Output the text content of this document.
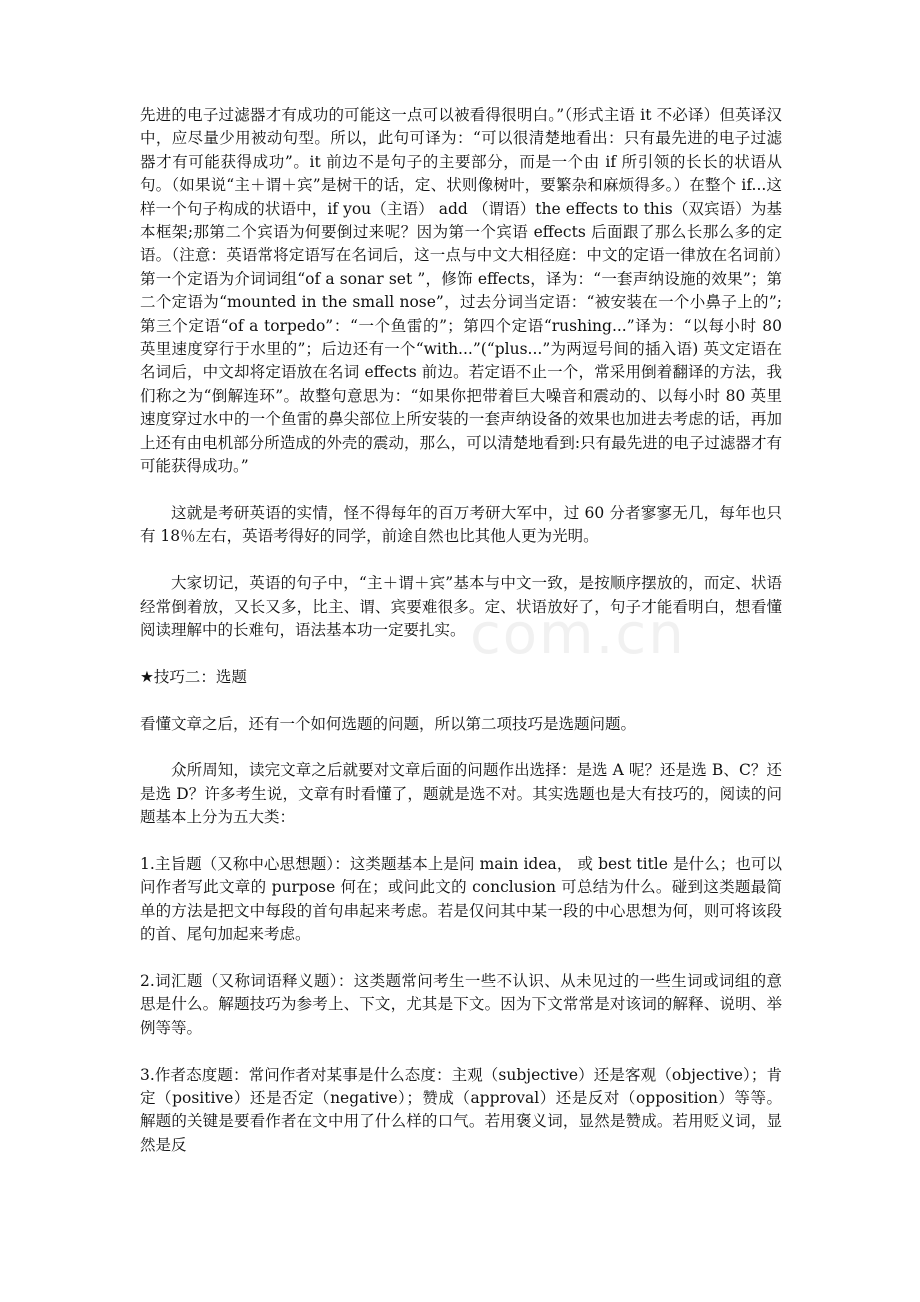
com.cn

先进的电子过滤器才有成功的可能这一点可以被看得很明白。”（形式主语 it 不必译）但英译汉中，应尽量少用被动句型。所以，此句可译为：“可以很清楚地看出：只有最先进的电子过滤器才有可能获得成功”。it 前边不是句子的主要部分，而是一个由 if 所引领的长长的状语从句。（如果说“主＋谓＋宾”是树干的话，定、状则像树叶，要繁杂和麻烦得多。）在整个 if...这样一个句子构成的状语中，if you（主语） add （谓语）the effects to this（双宾语）为基本框架;那第二个宾语为何要倒过来呢？因为第一个宾语 effects 后面跟了那么长那么多的定语。（注意：英语常将定语写在名词后，这一点与中文大相径庭：中文的定语一律放在名词前）第一个定语为介词词组“of a sonar set ”，修饰 effects，译为：“一套声纳设施的效果”；第二个定语为“mounted in the small nose”，过去分词当定语：“被安装在一个小鼻子上的”;第三个定语“of a torpedo”：“一个鱼雷的”；第四个定语“rushing...”译为：“以每小时 80 英里速度穿行于水里的”；后边还有一个“with...”(“plus...”为两逗号间的插入语) 英文定语在名词后，中文却将定语放在名词 effects 前边。若定语不止一个，常采用倒着翻译的方法，我们称之为“倒解连环”。故整句意思为：“如果你把带着巨大噪音和震动的、以每小时 80 英里速度穿过水中的一个鱼雷的鼻尖部位上所安装的一套声纳设备的效果也加进去考虑的话，再加上还有由电机部分所造成的外壳的震动，那么，可以清楚地看到:只有最先进的电子过滤器才有可能获得成功。”

这就是考研英语的实情，怪不得每年的百万考研大军中，过 60 分者寥寥无几，每年也只有 18％左右，英语考得好的同学，前途自然也比其他人更为光明。

大家切记，英语的句子中，“主＋谓＋宾”基本与中文一致，是按顺序摆放的，而定、状语经常倒着放，又长又多，比主、谓、宾要难很多。定、状语放好了，句子才能看明白，想看懂阅读理解中的长难句，语法基本功一定要扎实。

★技巧二：选题

看懂文章之后，还有一个如何选题的问题，所以第二项技巧是选题问题。

众所周知，读完文章之后就要对文章后面的问题作出选择：是选 A 呢？还是选 B、C？还是选 D？许多考生说，文章有时看懂了，题就是选不对。其实选题也是大有技巧的，阅读的问题基本上分为五大类：

1.主旨题（又称中心思想题）：这类题基本上是问 main idea， 或 best title 是什么；也可以问作者写此文章的 purpose 何在；或问此文的 conclusion 可总结为什么。碰到这类题最简单的方法是把文中每段的首句串起来考虑。若是仅问其中某一段的中心思想为何，则可将该段的首、尾句加起来考虑。

2.词汇题（又称词语释义题）：这类题常问考生一些不认识、从未见过的一些生词或词组的意思是什么。解题技巧为参考上、下文，尤其是下文。因为下文常常是对该词的解释、说明、举例等等。

3.作者态度题：常问作者对某事是什么态度：主观（subjective）还是客观（objective）；肯定（positive）还是否定（negative）；赞成（approval）还是反对（opposition）等等。解题的关键是要看作者在文中用了什么样的口气。若用褒义词，显然是赞成。若用贬义词，显然是反
